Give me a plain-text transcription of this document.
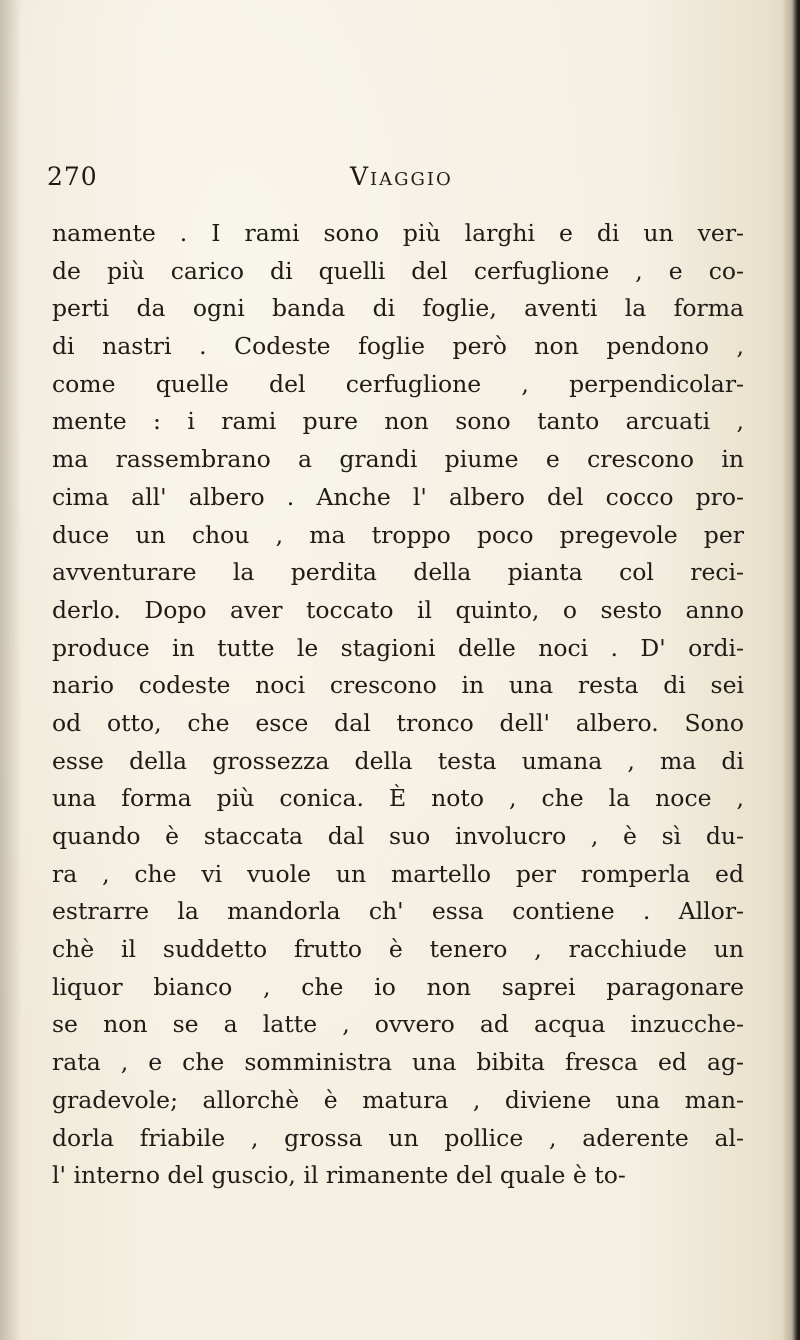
270	Viaggio
namente . I rami sono più larghi e di un ver-
de più carico di quelli del cerfuglione , e co-
perti da ogni banda di foglie, aventi la forma
di nastri . Codeste foglie però non pendono ,
come quelle del cerfuglione , perpendicolar-
mente : i rami pure non sono tanto arcuati ,
ma rassembrano a grandi piume e crescono in
cima all' albero . Anche l' albero del cocco pro-
duce un chou , ma troppo poco pregevole per
avventurare la perdita della pianta col reci-
derlo. Dopo aver toccato il quinto, o sesto anno
produce in tutte le stagioni delle noci . D' ordi-
nario codeste noci crescono in una resta di sei
od otto, che esce dal tronco dell' albero. Sono
esse della grossezza della testa umana , ma di
una forma più conica. È noto , che la noce ,
quando è staccata dal suo involucro , è sì du-
ra , che vi vuole un martello per romperla ed
estrarre la mandorla ch' essa contiene . Allor-
chè il suddetto frutto è tenero , racchiude un
liquor bianco , che io non saprei paragonare
se non se a latte , ovvero ad acqua inzucche-
rata , e che somministra una bibita fresca ed ag-
gradevole; allorchè è matura , diviene una man-
dorla friabile , grossa un pollice , aderente al-
l' interno del guscio, il rimanente del quale è to-
